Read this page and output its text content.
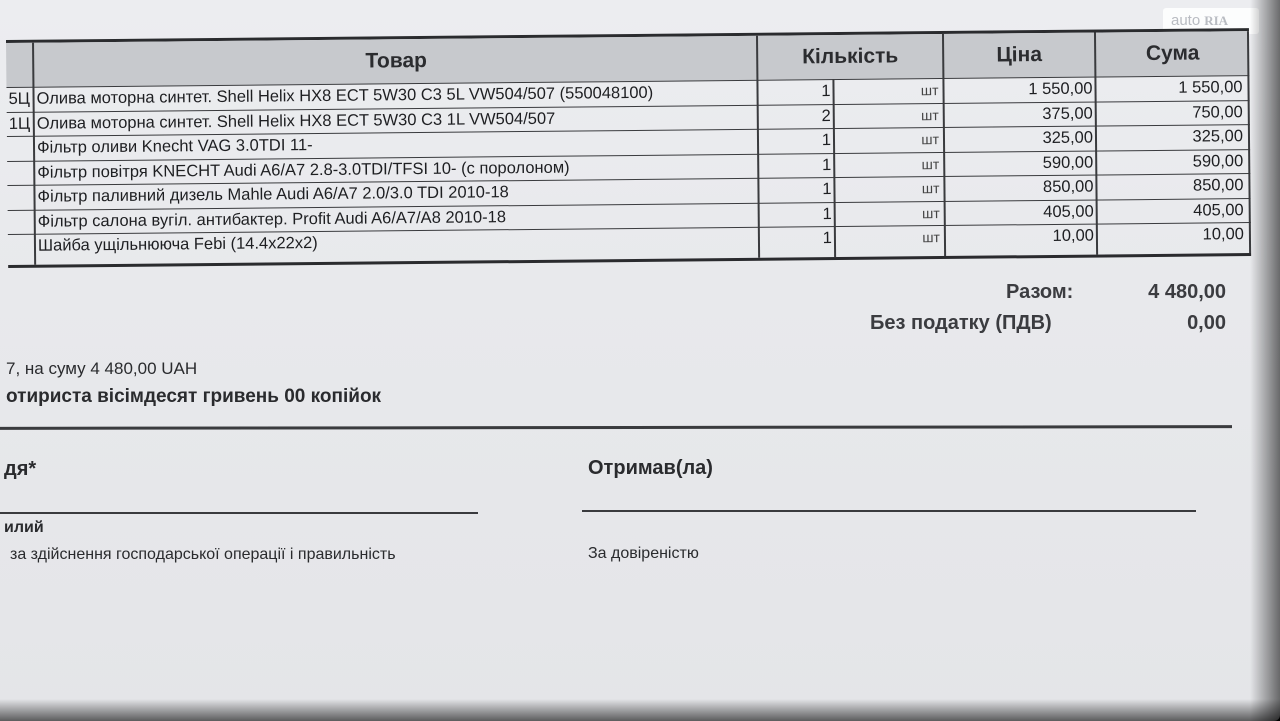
auto RIA
Товар	Кількість	Ціна	Сума
5Ц Олива моторна синтет. Shell Helix HX8 ECT 5W30 C3 5L VW504/507 (550048100)	1	шт	1 550,00	1 550,00
1Ц Олива моторна синтет. Shell Helix HX8 ECT 5W30 C3 1L VW504/507	2	шт	375,00	750,00
Фільтр оливи Knecht VAG 3.0TDI 11-	1	шт	325,00	325,00
Фільтр повітря KNECHT Audi A6/A7 2.8-3.0TDI/TFSI 10- (с поролоном)	1	шт	590,00	590,00
Фільтр паливний дизель Mahle Audi A6/A7 2.0/3.0 TDI 2010-18	1	шт	850,00	850,00
Фільтр салона вугіл. антибактер. Profit Audi A6/A7/A8 2010-18	1	шт	405,00	405,00
Шайба ущільнююча Febi (14.4x22x2)	1	шт	10,00	10,00
Разом:	4 480,00
Без податку (ПДВ)	0,00
7, на суму 4 480,00 UAH
отириста вісімдесят гривень 00 копійок
дя*
илий
за здійснення господарської операції і правильність
Отримав(ла)
За довіреністю
